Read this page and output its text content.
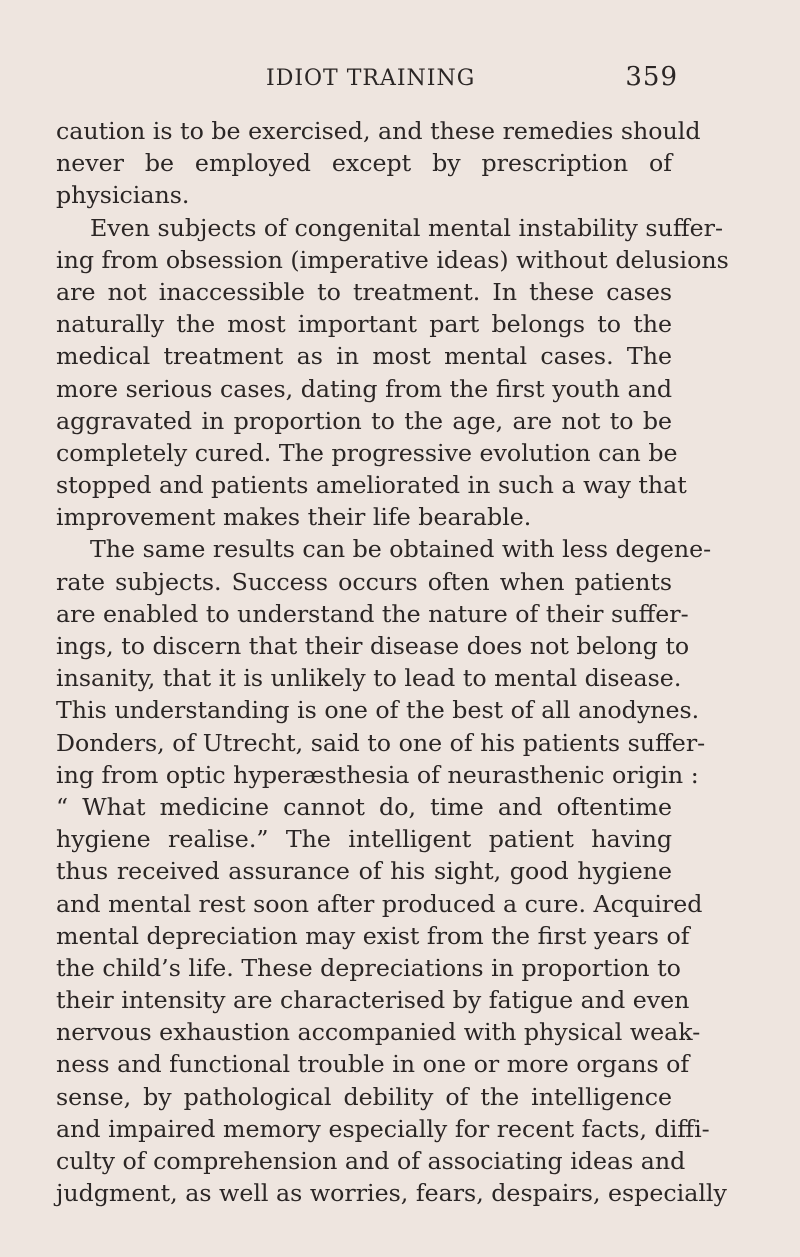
IDIOT TRAINING	359
caution is to be exercised, and these remedies should
never be employed except by prescription of
physicians.
Even subjects of congenital mental instability suffer-
ing from obsession (imperative ideas) without delusions
are not inaccessible to treatment. In these cases
naturally the most important part belongs to the
medical treatment as in most mental cases. The
more serious cases, dating from the first youth and
aggravated in proportion to the age, are not to be
completely cured. The progressive evolution can be
stopped and patients ameliorated in such a way that
improvement makes their life bearable.
The same results can be obtained with less degene-
rate subjects. Success occurs often when patients
are enabled to understand the nature of their suffer-
ings, to discern that their disease does not belong to
insanity, that it is unlikely to lead to mental disease.
This understanding is one of the best of all anodynes.
Donders, of Utrecht, said to one of his patients suffer-
ing from optic hyperæsthesia of neurasthenic origin :
“ What medicine cannot do, time and oftentime
hygiene realise.” The intelligent patient having
thus received assurance of his sight, good hygiene
and mental rest soon after produced a cure. Acquired
mental depreciation may exist from the first years of
the child’s life. These depreciations in proportion to
their intensity are characterised by fatigue and even
nervous exhaustion accompanied with physical weak-
ness and functional trouble in one or more organs of
sense, by pathological debility of the intelligence
and impaired memory especially for recent facts, diffi-
culty of comprehension and of associating ideas and
judgment, as well as worries, fears, despairs, especially
